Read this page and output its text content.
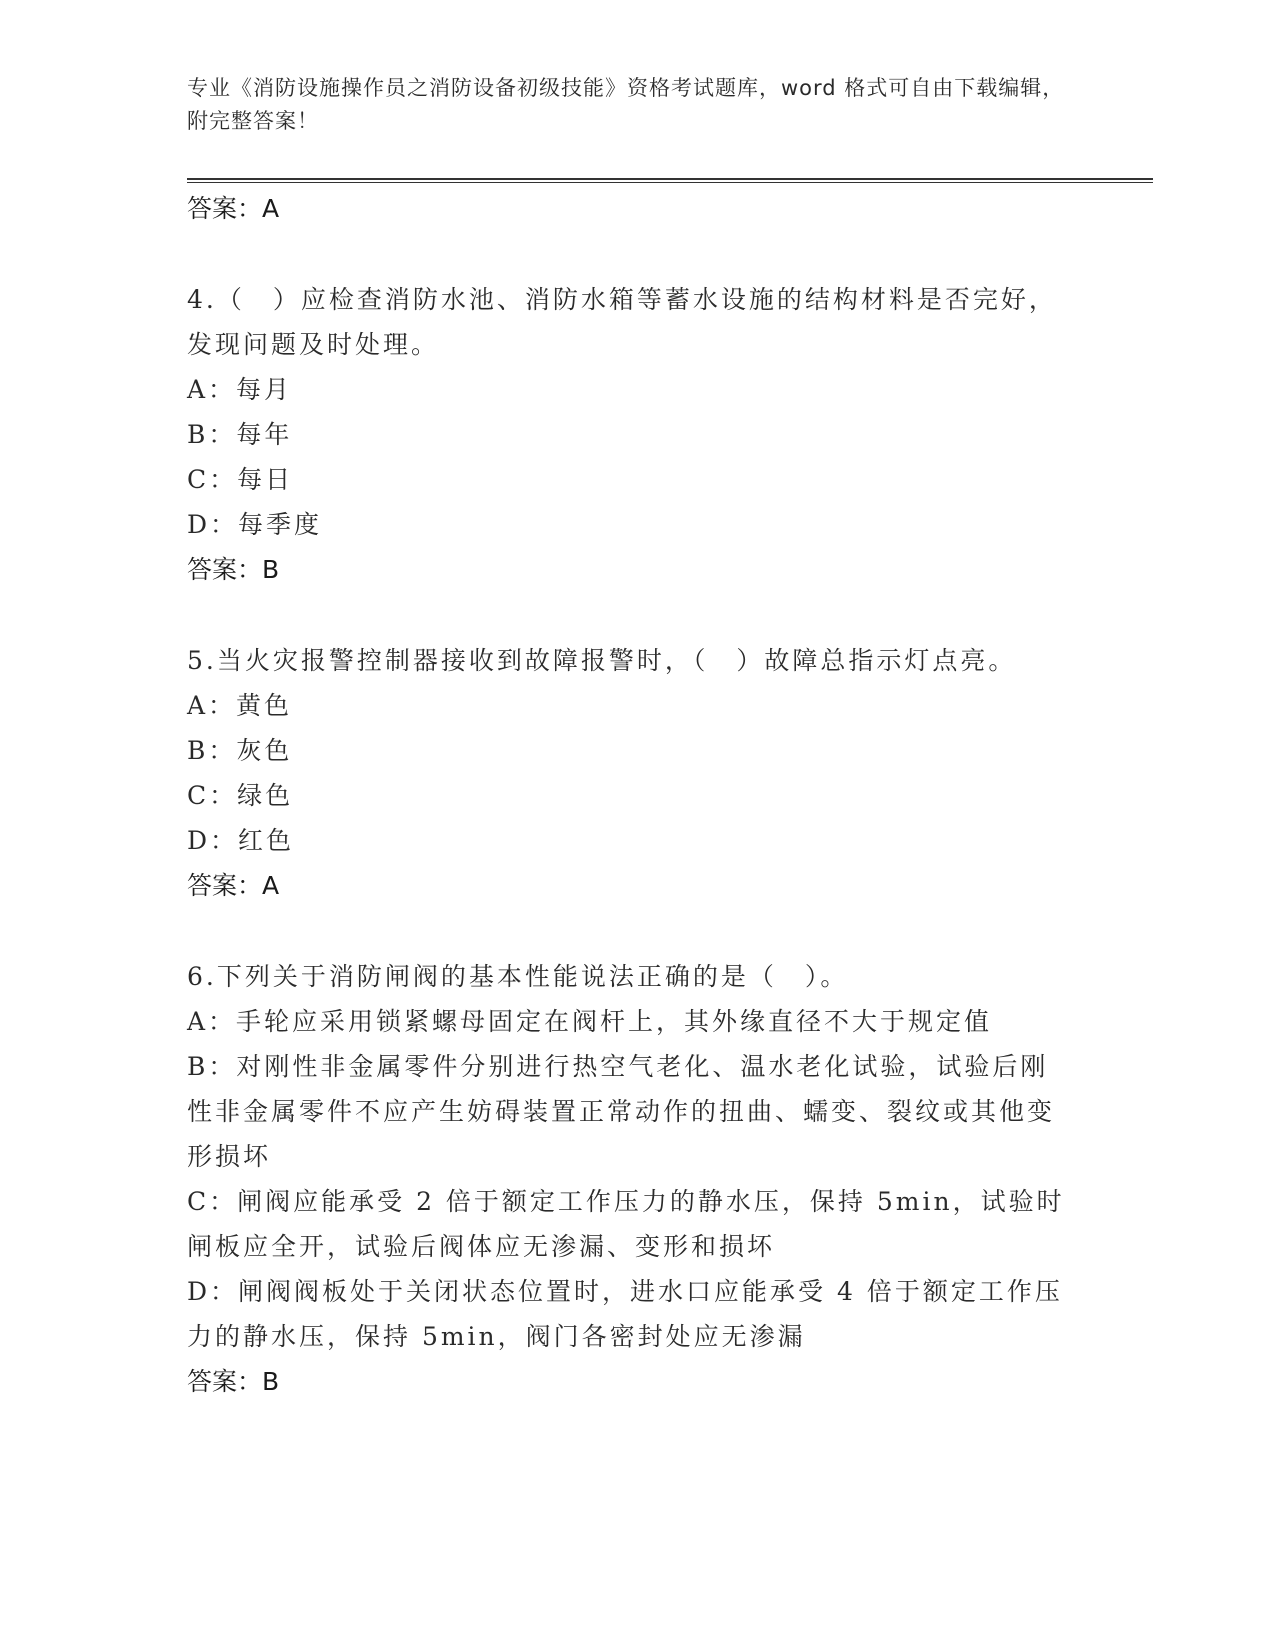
专业《消防设施操作员之消防设备初级技能》资格考试题库，word 格式可自由下载编辑，附完整答案！
答案：A

4.（　）应检查消防水池、消防水箱等蓄水设施的结构材料是否完好，发现问题及时处理。

A：每月

B：每年

C：每日

D：每季度

答案：B

5.当火灾报警控制器接收到故障报警时，（　）故障总指示灯点亮。

A：黄色

B：灰色

C：绿色

D：红色

答案：A

6.下列关于消防闸阀的基本性能说法正确的是（　）。

A：手轮应采用锁紧螺母固定在阀杆上，其外缘直径不大于规定值

B：对刚性非金属零件分别进行热空气老化、温水老化试验，试验后刚性非金属零件不应产生妨碍装置正常动作的扭曲、蠕变、裂纹或其他变形损坏

C：闸阀应能承受 2 倍于额定工作压力的静水压，保持 5min，试验时闸板应全开，试验后阀体应无渗漏、变形和损坏

D：闸阀阀板处于关闭状态位置时，进水口应能承受 4 倍于额定工作压力的静水压，保持 5min，阀门各密封处应无渗漏

答案：B
